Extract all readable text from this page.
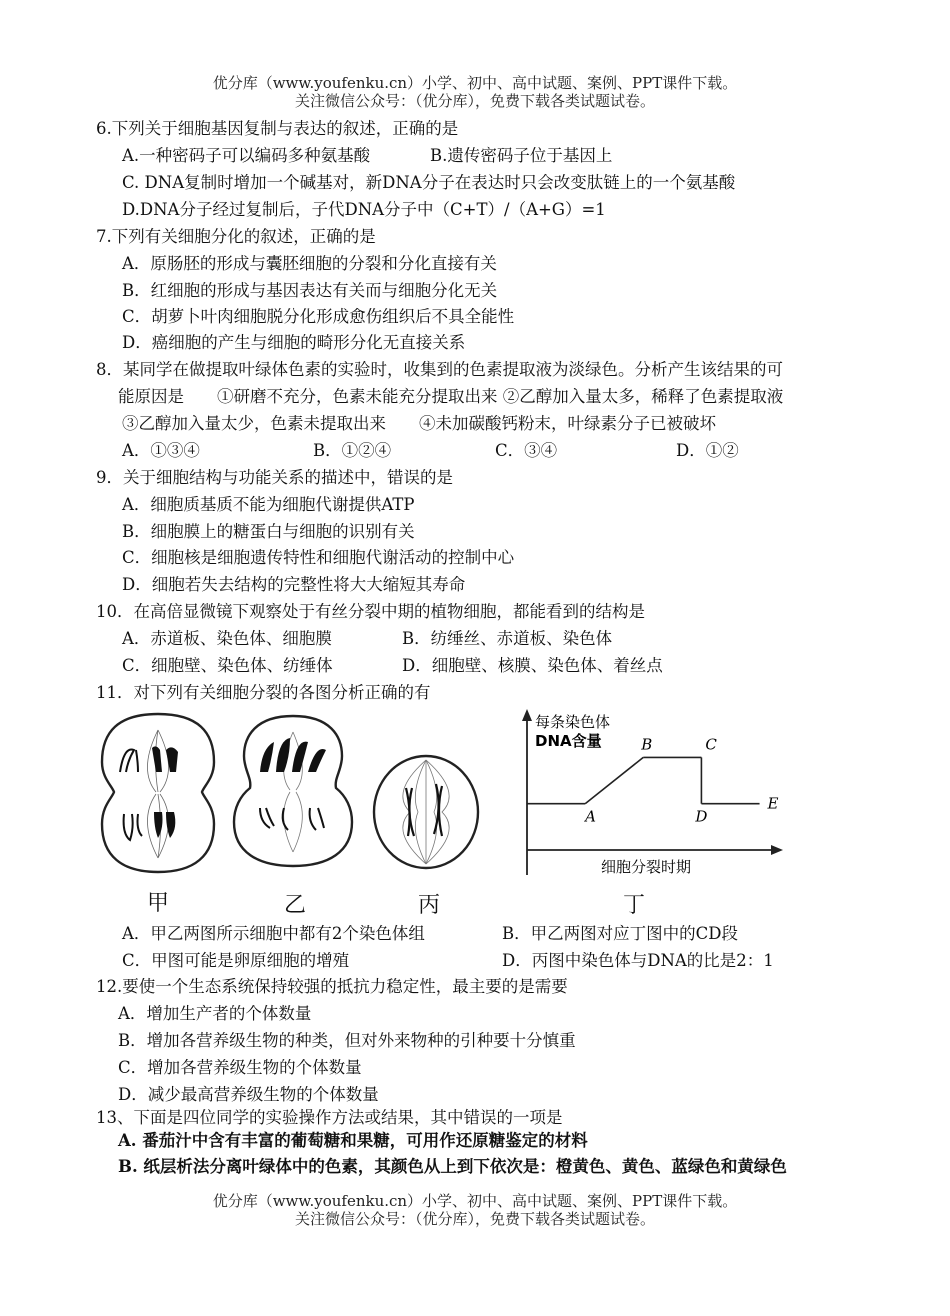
优分库（www.youfenku.cn）小学、初中、高中试题、案例、PPT课件下载。
关注微信公众号：（优分库），免费下载各类试题试卷。
6.下列关于细胞基因复制与表达的叙述，正确的是
A.一种密码子可以编码多种氨基酸	B.遗传密码子位于基因上
C. DNA复制时增加一个碱基对，新DNA分子在表达时只会改变肽链上的一个氨基酸
D.DNA分子经过复制后，子代DNA分子中（C+T）/（A+G）=1
7.下列有关细胞分化的叙述，正确的是
A．原肠胚的形成与囊胚细胞的分裂和分化直接有关
B．红细胞的形成与基因表达有关而与细胞分化无关
C．胡萝卜叶肉细胞脱分化形成愈伤组织后不具全能性
D．癌细胞的产生与细胞的畸形分化无直接关系
8．某同学在做提取叶绿体色素的实验时，收集到的色素提取液为淡绿色。分析产生该结果的可
能原因是　　①研磨不充分，色素未能充分提取出来 ②乙醇加入量太多，稀释了色素提取液
③乙醇加入量太少，色素未提取出来　　④未加碳酸钙粉末，叶绿素分子已被破坏
A．①③④	B．①②④	C．③④	D．①②
9．关于细胞结构与功能关系的描述中，错误的是
A．细胞质基质不能为细胞代谢提供ATP
B．细胞膜上的糖蛋白与细胞的识别有关
C．细胞核是细胞遗传特性和细胞代谢活动的控制中心
D．细胞若失去结构的完整性将大大缩短其寿命
10．在高倍显微镜下观察处于有丝分裂中期的植物细胞，都能看到的结构是
A．赤道板、染色体、细胞膜	B．纺缍丝、赤道板、染色体
C．细胞壁、染色体、纺缍体	D．细胞壁、核膜、染色体、着丝点
11．对下列有关细胞分裂的各图分析正确的有
每条染色体
DNA含量
细胞分裂时期
A
B	C
D
E
甲	乙	丙	丁
A．甲乙两图所示细胞中都有2个染色体组	B．甲乙两图对应丁图中的CD段
C．甲图可能是卵原细胞的增殖	D．丙图中染色体与DNA的比是2：1
12.要使一个生态系统保持较强的抵抗力稳定性，最主要的是需要
A．增加生产者的个体数量
B．增加各营养级生物的种类，但对外来物种的引种要十分慎重
C．增加各营养级生物的个体数量
D．减少最高营养级生物的个体数量
13、下面是四位同学的实验操作方法或结果，其中错误的一项是
A. 番茄汁中含有丰富的葡萄糖和果糖，可用作还原糖鉴定的材料
B. 纸层析法分离叶绿体中的色素，其颜色从上到下依次是：橙黄色、黄色、蓝绿色和黄绿色
优分库（www.youfenku.cn）小学、初中、高中试题、案例、PPT课件下载。
关注微信公众号：（优分库），免费下载各类试题试卷。
